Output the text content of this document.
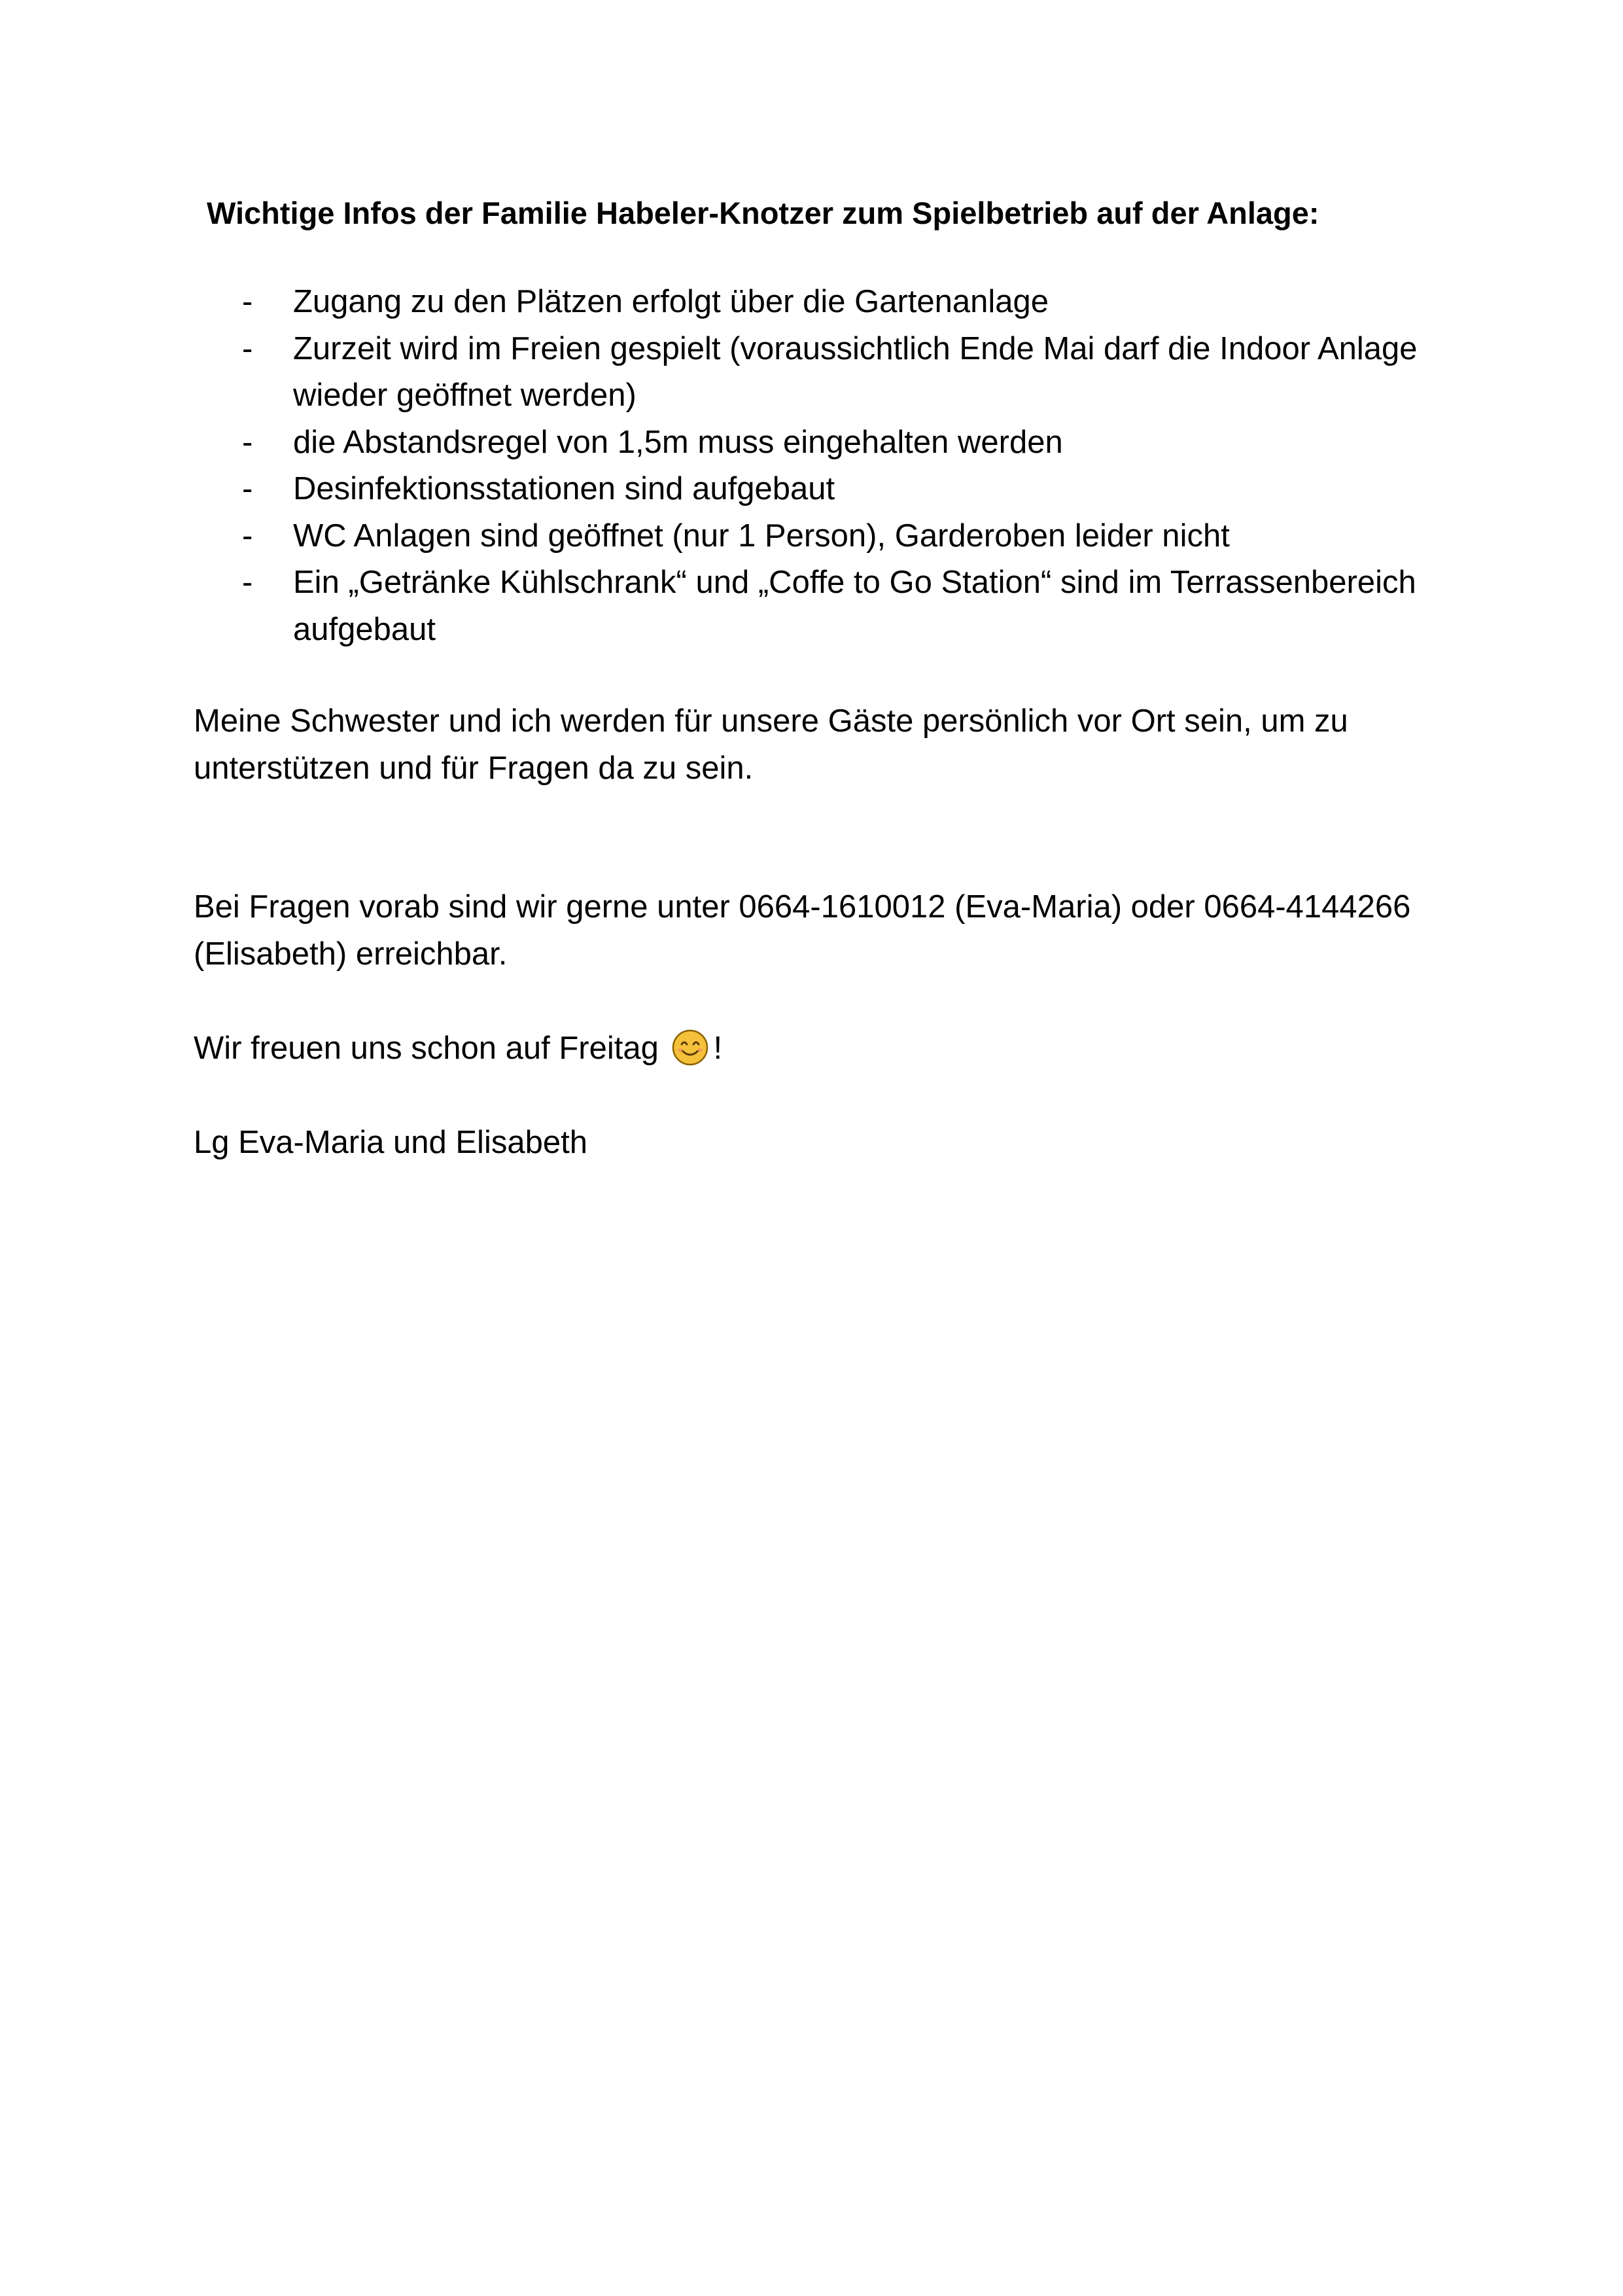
Wichtige Infos der Familie Habeler-Knotzer zum Spielbetrieb auf der Anlage:
- Zugang zu den Plätzen erfolgt über die Gartenanlage
- Zurzeit wird im Freien gespielt (voraussichtlich Ende Mai darf die Indoor Anlage wieder geöffnet werden)
- die Abstandsregel von 1,5m muss eingehalten werden
- Desinfektionsstationen sind aufgebaut
- WC Anlagen sind geöffnet (nur 1 Person), Garderoben leider nicht
- Ein „Getränke Kühlschrank“ und „Coffe to Go Station“ sind im Terrassenbereich aufgebaut

Meine Schwester und ich werden für unsere Gäste persönlich vor Ort sein, um zu unterstützen und für Fragen da zu sein.

Bei Fragen vorab sind wir gerne unter 0664-1610012 (Eva-Maria) oder 0664-4144266 (Elisabeth) erreichbar.

Wir freuen uns schon auf Freitag !

Lg Eva-Maria und Elisabeth
